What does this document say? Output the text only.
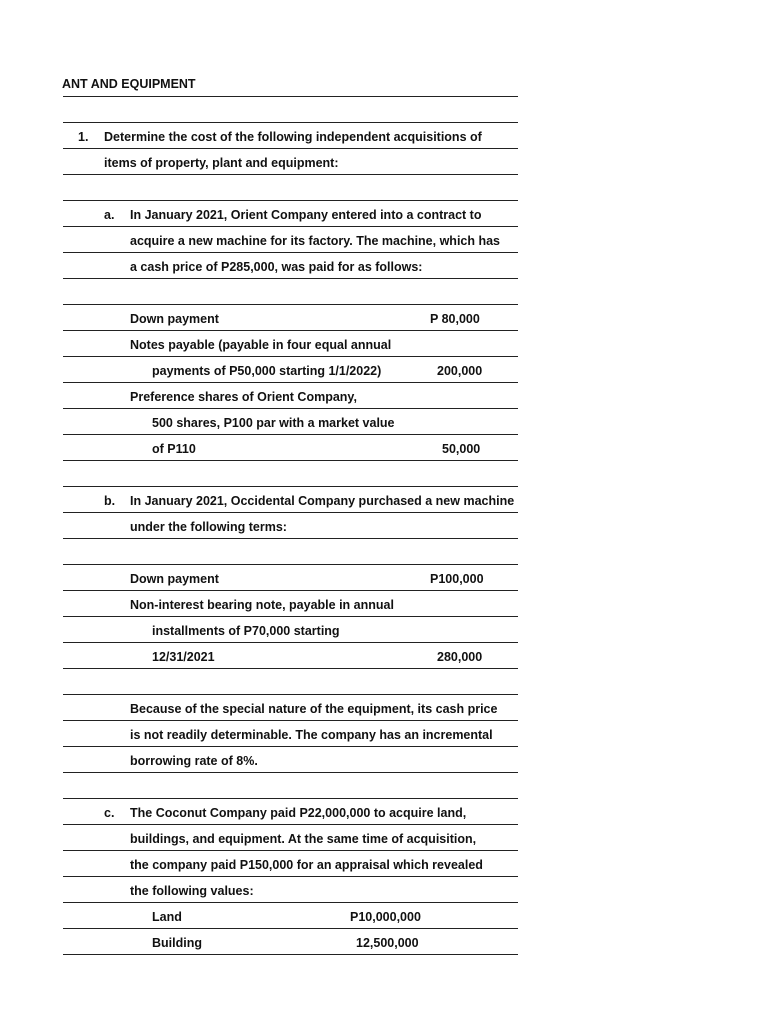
ANT AND EQUIPMENT
1. Determine the cost of the following independent acquisitions of
items of property, plant and equipment:
a. In January 2021, Orient Company entered into a contract to
acquire a new machine for its factory. The machine, which has
a cash price of P285,000, was paid for as follows:
Down payment	P 80,000
Notes payable (payable in four equal annual
payments of P50,000 starting 1/1/2022)	200,000
Preference shares of Orient Company,
500 shares, P100 par with a market value
of P110	50,000
b. In January 2021, Occidental Company purchased a new machine
under the following terms:
Down payment	P100,000
Non-interest bearing note, payable in annual
installments of P70,000 starting
12/31/2021	280,000
Because of the special nature of the equipment, its cash price
is not readily determinable. The company has an incremental
borrowing rate of 8%.
c. The Coconut Company paid P22,000,000 to acquire land,
buildings, and equipment. At the same time of acquisition,
the company paid P150,000 for an appraisal which revealed
the following values:
Land	P10,000,000
Building	12,500,000
